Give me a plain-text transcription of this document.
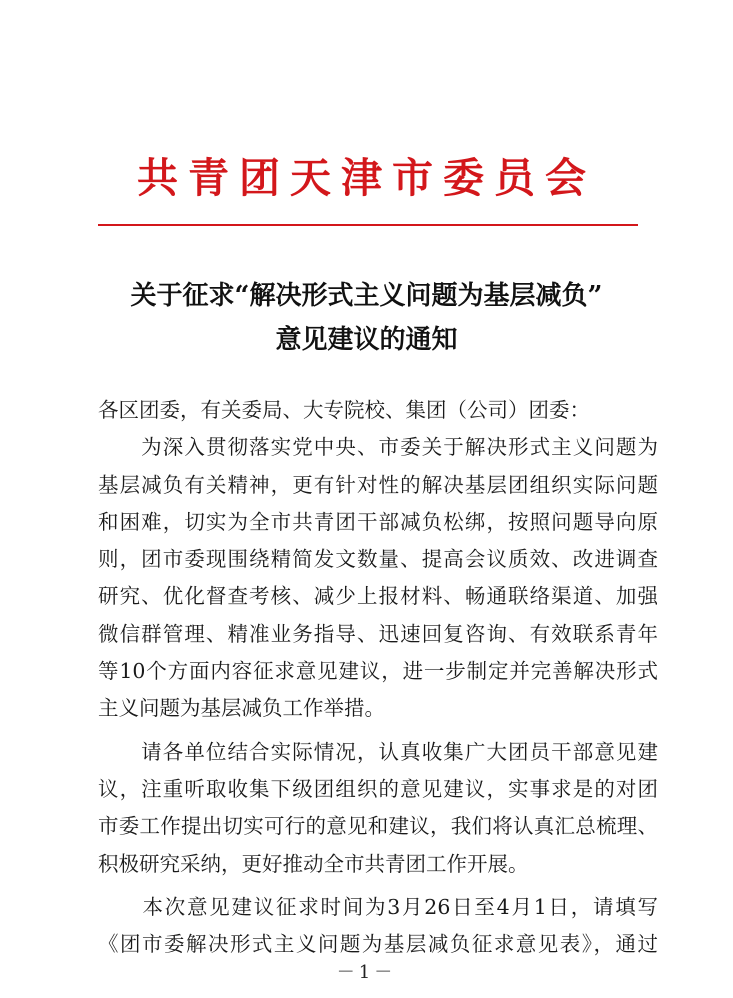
共青团天津市委员会
关于征求“解决形式主义问题为基层减负”
意见建议的通知
各区团委，有关委局、大专院校、集团（公司）团委：
　　为深入贯彻落实党中央、市委关于解决形式主义问题为
基层减负有关精神，更有针对性的解决基层团组织实际问题
和困难，切实为全市共青团干部减负松绑，按照问题导向原
则，团市委现围绕精简发文数量、提高会议质效、改进调查
研究、优化督查考核、减少上报材料、畅通联络渠道、加强
微信群管理、精准业务指导、迅速回复咨询、有效联系青年
等10个方面内容征求意见建议，进一步制定并完善解决形式
主义问题为基层减负工作举措。
　　请各单位结合实际情况，认真收集广大团员干部意见建
议，注重听取收集下级团组织的意见建议，实事求是的对团
市委工作提出切实可行的意见和建议，我们将认真汇总梳理、
积极研究采纳，更好推动全市共青团工作开展。
　　本次意见建议征求时间为3月26日至4月1日，请填写
《团市委解决形式主义问题为基层减负征求意见表》，通过
－1－
